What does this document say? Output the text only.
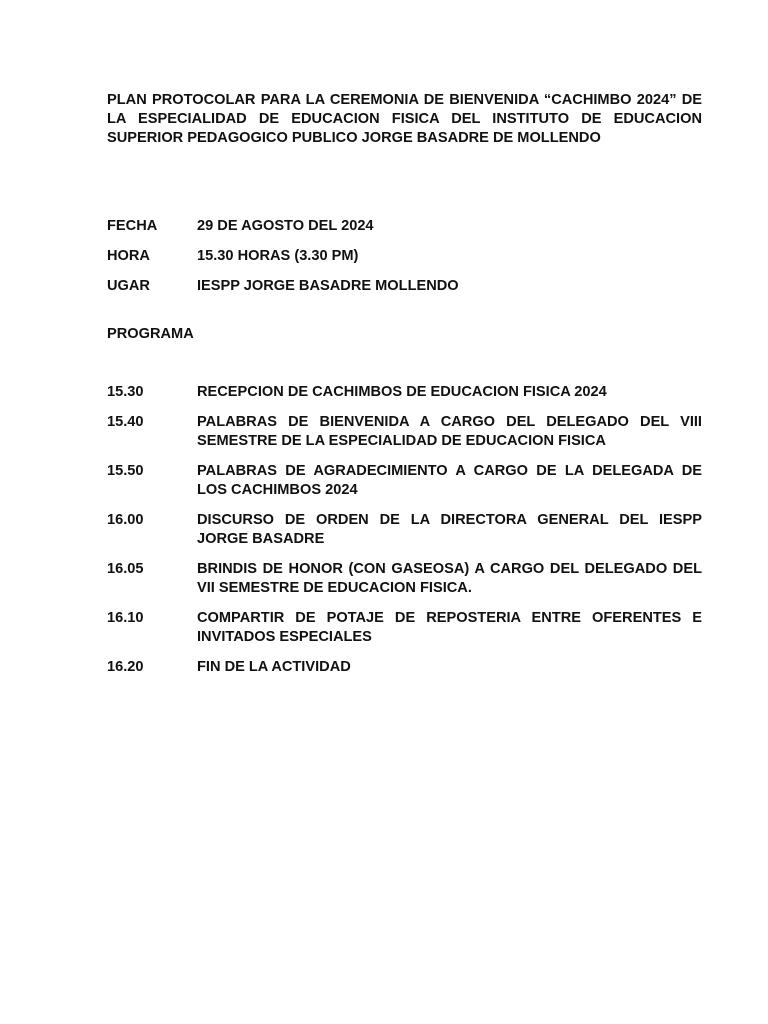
PLAN PROTOCOLAR PARA LA CEREMONIA DE BIENVENIDA “CACHIMBO 2024” DE LA ESPECIALIDAD DE EDUCACION FISICA DEL INSTITUTO DE EDUCACION SUPERIOR PEDAGOGICO PUBLICO JORGE BASADRE DE MOLLENDO

FECHA	29 DE AGOSTO DEL 2024
HORA	15.30 HORAS (3.30 PM)
UGAR	IESPP JORGE BASADRE MOLLENDO
PROGRAMA
15.30	RECEPCION DE CACHIMBOS DE EDUCACION FISICA 2024
15.40	PALABRAS DE BIENVENIDA A CARGO DEL DELEGADO DEL VIII SEMESTRE DE LA ESPECIALIDAD DE EDUCACION FISICA
15.50	PALABRAS DE AGRADECIMIENTO A CARGO DE LA DELEGADA DE LOS CACHIMBOS 2024
16.00	DISCURSO DE ORDEN DE LA DIRECTORA GENERAL DEL IESPP JORGE BASADRE
16.05	BRINDIS DE HONOR (CON GASEOSA) A CARGO DEL DELEGADO DEL VII SEMESTRE DE EDUCACION FISICA.
16.10	COMPARTIR DE POTAJE DE REPOSTERIA ENTRE OFERENTES E INVITADOS ESPECIALES
16.20	FIN DE LA ACTIVIDAD
